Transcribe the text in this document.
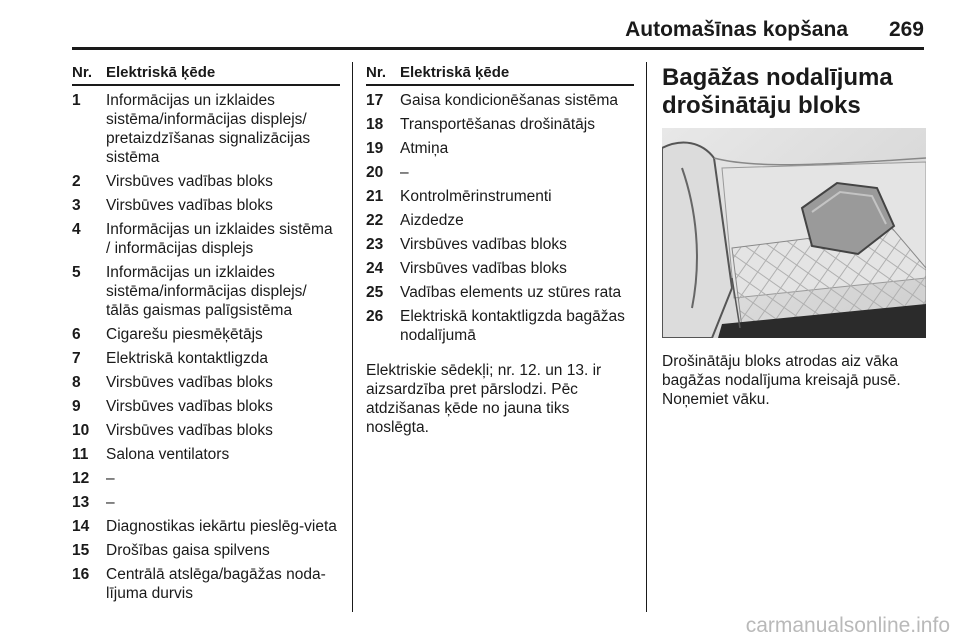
Automašīnas kopšana 269
Nr. Elektriskā ķēde
1	Informācijas un izklaides sistēma/informācijas displejs/ pretaizdzīšanas signalizācijas sistēma
2	Virsbūves vadības bloks
3	Virsbūves vadības bloks
4	Informācijas un izklaides sistēma / informācijas displejs
5	Informācijas un izklaides sistēma/informācijas displejs/ tālās gaismas palīgsistēma
6	Cigarešu piesmēķētājs
7	Elektriskā kontaktligzda
8	Virsbūves vadības bloks
9	Virsbūves vadības bloks
10	Virsbūves vadības bloks
11	Salona ventilators
12	–
13	–
14	Diagnostikas iekārtu pieslēg-vieta
15	Drošības gaisa spilvens
16	Centrālā atslēga/bagāžas noda-lījuma durvis
Nr. Elektriskā ķēde
17	Gaisa kondicionēšanas sistēma
18	Transportēšanas drošinātājs
19	Atmiņa
20	–
21	Kontrolmērinstrumenti
22	Aizdedze
23	Virsbūves vadības bloks
24	Virsbūves vadības bloks
25	Vadības elements uz stūres rata
26	Elektriskā kontaktligzda bagāžas nodalījumā
Elektriskie sēdekļi; nr. 12. un 13. ir aizsardzība pret pārslodzi. Pēc atdzišanas ķēde no jauna tiks noslēgta.
Bagāžas nodalījuma drošinātāju bloks
Drošinātāju bloks atrodas aiz vāka bagāžas nodalījuma kreisajā pusē. Noņemiet vāku.
carmanualsonline.info
